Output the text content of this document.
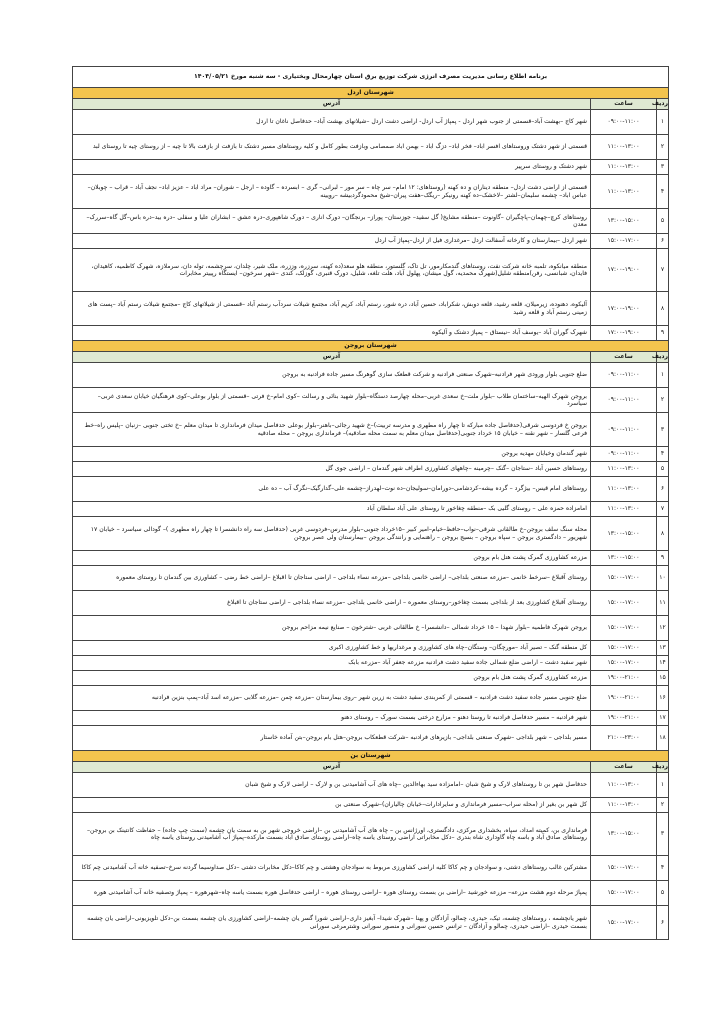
برنامه اطلاع رسانی مدیریت مصرف انرژی شرکت توزیع برق استان چهارمحال وبختیاری - سه شنبه مورخ ۱۴۰۴/۰۵/۲۱		
شهرستان اردل		
ردیف	ساعت	آدرس
۱	۰۹:۰۰-۱۱:۰۰	شهر کاج –بهشت آباد–قسمتی از جنوب شهر اردل - پمپاژ آب اردل- اراضی دشت اردل –شیلانهای بهشت آباد– حدفاصل ناغان تا اردل
۲	۱۱:۰۰-۱۳:۰۰	قسمتی از شهر دشتک وروستاهای افسر اباد– فخر اباد– دزگ اباد – بهمن اباد صمصامی وبازفت بطور کامل و کلیه روستاهای مسیر دشتک تا بازفت از بازفت بالا تا چیه – از روستای چیه تا روستای لبد
۳	۱۱:۰۰-۱۳:۰۰	شهر دشتک و روستای سرپیر
۴	۱۱:۰۰-۱۳:۰۰	قسمتی از اراضی دشت اردل– منطقه دیناران و ده کهنه (روستاهای: ۱۲ امام– سر چاه – سر مور – لبرانی– گری – ابسرده – گاوده – ارجل – شوران– مراد اباد – عزیز اباد– نجف آباد – قراب – چوبلان– عباس اباد– چشمه سلیمان–لشتر –لاخشک–ده کهنه رونیکر –ریگک–هفت پیران–شیخ محمودگردبیشه –رویینه
۵	۱۳:۰۰-۱۵:۰۰	روستاهای کرچ–چهمان–پاچگیران –گاونوت –منطقه مشایخ( گل سفید– جوزستان– پوراز– برنجگان– دورک اناری – دورک شاهپوری–دره عشق – ابشاران علیا و سفلی –دره بید–دره باس–گل گاه–سررک–معدن
۶	۱۵:۰۰-۱۷:۰۰	شهر اردل –بیمارستان و کارخانه آسفالت اردل –مرغداری فیل از اردل–پمپاژ آب اردل
۷	۱۷:۰۰-۱۹:۰۰	منطقه میانکوه، تلمبه خانه شرکت نفت، روستاهای گندمکارمور، تل تاک، گلستور، منطقه هلو سعد(ده کهنه، سرزره، وززره، ملک شیر، چلدان، سرچشمه، توله دان، سرملازه، شهرک کاظمیه، کاهیدان، فایدان، شبانسی، رفن)منطقه شلیل(شهرک محمدیه، گول میشان، پهلول آباد، هلت تلغه، شلیل، دورک قنبری، گوزلک، کندی –شهر سرخون– ایستگاه رپییتر مخابرات
۸	۱۷:۰۰-۱۹:۰۰	آلیکوه، دهنوده، زیرمیلان، قلعه رشید، قلعه دوبش، شکراباد، حسین آباد، دره شور، رستم آباد، کریم آباد، مجتمع شیلات سردآب رستم آباد –قسمتی از شیلاتهای کاج –مجتمع شیلات رستم آباد –پست های زمینی رستم آباد و قلعه رشید
۹	۱۷:۰۰-۱۹:۰۰	شهرک گوران آباد –یوسف آباد –نیستاق – پمپاژ دشتک و آلیکوه
شهرستان بروجن		
ردیف	ساعت	آدرس
۱	۰۹:۰۰-۱۱:۰۰	ضلع جنوبی بلوار ورودی شهر فرادنبه–شهرک صنعتی فرادنبه و شرکت قطعک سازی گوهرنگ مسیر جاده فرادنبه به بروجن
۲	۰۹:۰۰-۱۱:۰۰	بروجن شهرک الهیه–ساختمان طلاب –بلوار ملت–خ سعدی غربی–محله چهارصد دستگاه–بلوار شهید بنائی و رسالت –کوی امام–خ فرتی –قسمتی از بلوار بوعلی–کوی فرهنگیان خیابان سعدی غربی– سیاسرد
۳	۰۹:۰۰-۱۱:۰۰	بروجن خ فردوسی شرقی(حدفاصل جاده مبارکه تا چهار راه مطهری و مدرسه تربیت)–خ شهید رجائی–باهنر–بلوار بوعلی حدفاصل میدان فرمانداری تا میدان معلم –خ تختی جنوبی –زنبان –پلیس راه–خط فرعی گلسار – شهر نقنه – خیابان ۱۵ خرداد جنوبی(حدفاصل میدان معلم به سمت محله صادقیه)– فرمانداری بروجن – محله صادقیه
۴	۰۹:۰۰-۱۱:۰۰	شهر گندمان وخیابان مهدیه بروجن
۵	۱۱:۰۰-۱۳:۰۰	روستاهای حسین آباد –ستاجان –گنک –چرمینه –چاههای کشاورزی اطراف شهر گندمان – اراضی جوی گل
۶	۱۱:۰۰-۱۳:۰۰	روستاهای امام قیس– بیژگرد – گرده بیشه–کردشامی–دورامان–سولیجان–ده نوت–لهدراز–چشمه علی–گدارگیک–نگرگ آب – ده علی
۷	۱۱:۰۰-۱۳:۰۰	امامزاده حمزه علی – روستای گلیی بک –منطقه چغاخور تا روستای علی آباد سلطان آباد
۸	۱۳:۰۰-۱۵:۰۰	محله سنگ سلف بروجن–خ طالقانی شرقی–نواب–حافظ–خیام–امیر کبیر –۱۵خرداد جنوبی–بلوار مدرس–فردوسی غربی (حدفاصل سه راه دانشسرا تا چهار راه مطهری )– گودالی سیاسرد – خیابان ۱۷ شهریور – دادگستری بروجن – سپاه بروجن – بسیج بروجن – راهنمایی و رانندگی بروجن –بیمارستان ولی عصر بروجن
۹	۱۳:۰۰-۱۵:۰۰	مزرعه کشاورزی گمرک پشت هتل بام بروجن
۱۰	۱۵:۰۰-۱۷:۰۰	روستای آقبلاغ –سرخط خانمی –مزرعه صنعتی بلداجی– اراضی خانمی بلداجی –مزرعه نساء بلداجی – اراضی ستاجان تا اقبلاغ –اراضی خط رضی – کشاورزی بین گندمان تا روستای معموره
۱۱	۱۵:۰۰-۱۷:۰۰	روستای آقبلاغ کشاورزی بعد از بلداجی بسمت چغاخور–روستای معموره – اراضی خانمی بلداجی –مزرعه نساء بلداجی – اراضی ستاجان تا اقبلاغ
۱۲	۱۵:۰۰-۱۷:۰۰	بروجن شهرک فاطمیه –بلوار شهدا – ۱۵ خرداد شمالی –دانشسرا– خ طالقانی غربی –شترخون – صنایع نیمه مزاحم بروجن
۱۳	۱۵:۰۰-۱۷:۰۰	کل منطقه گنک – تصیر آباد –مورچگان– وستگان–چاه های کشاورزی و مرغداریها و خط کشاورزی اکبری
۱۴	۱۵:۰۰-۱۷:۰۰	شهر سفید دشت – اراضی ضلع شمالی جاده سفید دشت فرادنبه مزرعه جعفر آباد –مزرعه بابک
۱۵	۱۹:۰۰-۲۱:۰۰	مزرعه کشاورزی گمرک پشت هتل بام بروجن
۱۶	۱۹:۰۰-۲۱:۰۰	ضلع جنوبی مسیر جاده سفید دشت فرادنبه – قسمتی از کمربندی سفید دشت به زرین شهر –روی بیمارستان –مزرعه چمن –مزرعه گلابی –مزرعه اسد آباد–پمپ بنزین فرادنبه
۱۷	۱۹:۰۰-۲۱:۰۰	شهر فرادنبه – مسیر حدفاصل فرادنبه تا روستا دهنو – مزارع درختی بسمت سورک – روستای دهنو
۱۸	۲۱:۰۰-۲۳:۰۰	مسیر بلداجی – شهر بلداجی –شهرک صنعتی بلداجی– بازیرهای فرادنبه –شرکت قطعکاب بروجن–هتل بام بروجن–بتن آماده خاستار
شهرستان بن		
ردیف	ساعت	آدرس
۱	۱۱:۰۰-۱۳:۰۰	حدفاصل شهر بن تا روستاهای لارک و شیخ شبان –امامزاده سید بهاءالدین –چاه های آب آشامیدنی بن و لارک – اراضی لارک و شیخ شبان
۲	۱۱:۰۰-۱۳:۰۰	کل شهر بن بغیر از (محله سراب–مسیر فرمانداری و سایرادارات–خیابان چالیاران)–شهرک صنعتی بن
۳	۱۳:۰۰-۱۵:۰۰	فرمانداری بن، کمیته امداد، سپاه، بخشداری مرکزی، دادگستری، اورژانس بن – چاه های آب آشامیدنی بن –اراضی خروجی شهر بن به سمت یان چشمه (سمت چپ جاده) – حفاظت کانتینک بن بروجن–روستاهای صادق آباد و باسه چاه گاوداری شاه بندری –دکل مخابراتی اراضی روستای یاسه چاه–اراضی روستای صادق اباد بسمت مارکده–پمپاژ آب آشامیدنی روستای یاسه چاه
۴	۱۵:۰۰-۱۷:۰۰	مشترکین غالب روستاهای دشتی، و سوادجان و چم کاکا کلیه اراضی کشاورزی مربوط به سوادجان وهشتی و چم کاکا–دکل مخابرات دشتی –دکل صداوسیما گردنه سرخ–تصفیه خانه آب آشامیدنی چم کاکا
۵	۱۵:۰۰-۱۷:۰۰	پمپاژ مرحله دوم هشت مزرعه– مزرعه خورشید –اراضی بن بسمت روستای هوره –اراضی روستای هوره – اراضی حدفاصل هوره بسمت یاسه چاه–شهرهوره – پمپاژ وتصفیه خانه آب آشامیدنی هوره
۶	۱۵:۰۰-۱۷:۰۰	شهر یانچشمه ، روستاهای چشمه، تیک، حیدری، چمالو، آزادگان و پهنا –شهرک شیدا– آبغیز داری–اراضی شورا گسر یان چشمه–اراضی کشاورزی یان چشمه بسمت بن–دکل تلویزیونی–اراضی یان چشمه بسمت حیدری –اراضی حیدری، چمالو و آزادگان – ترانس حسین سورانی و منصور سورانی وشترمرغی سورانی
